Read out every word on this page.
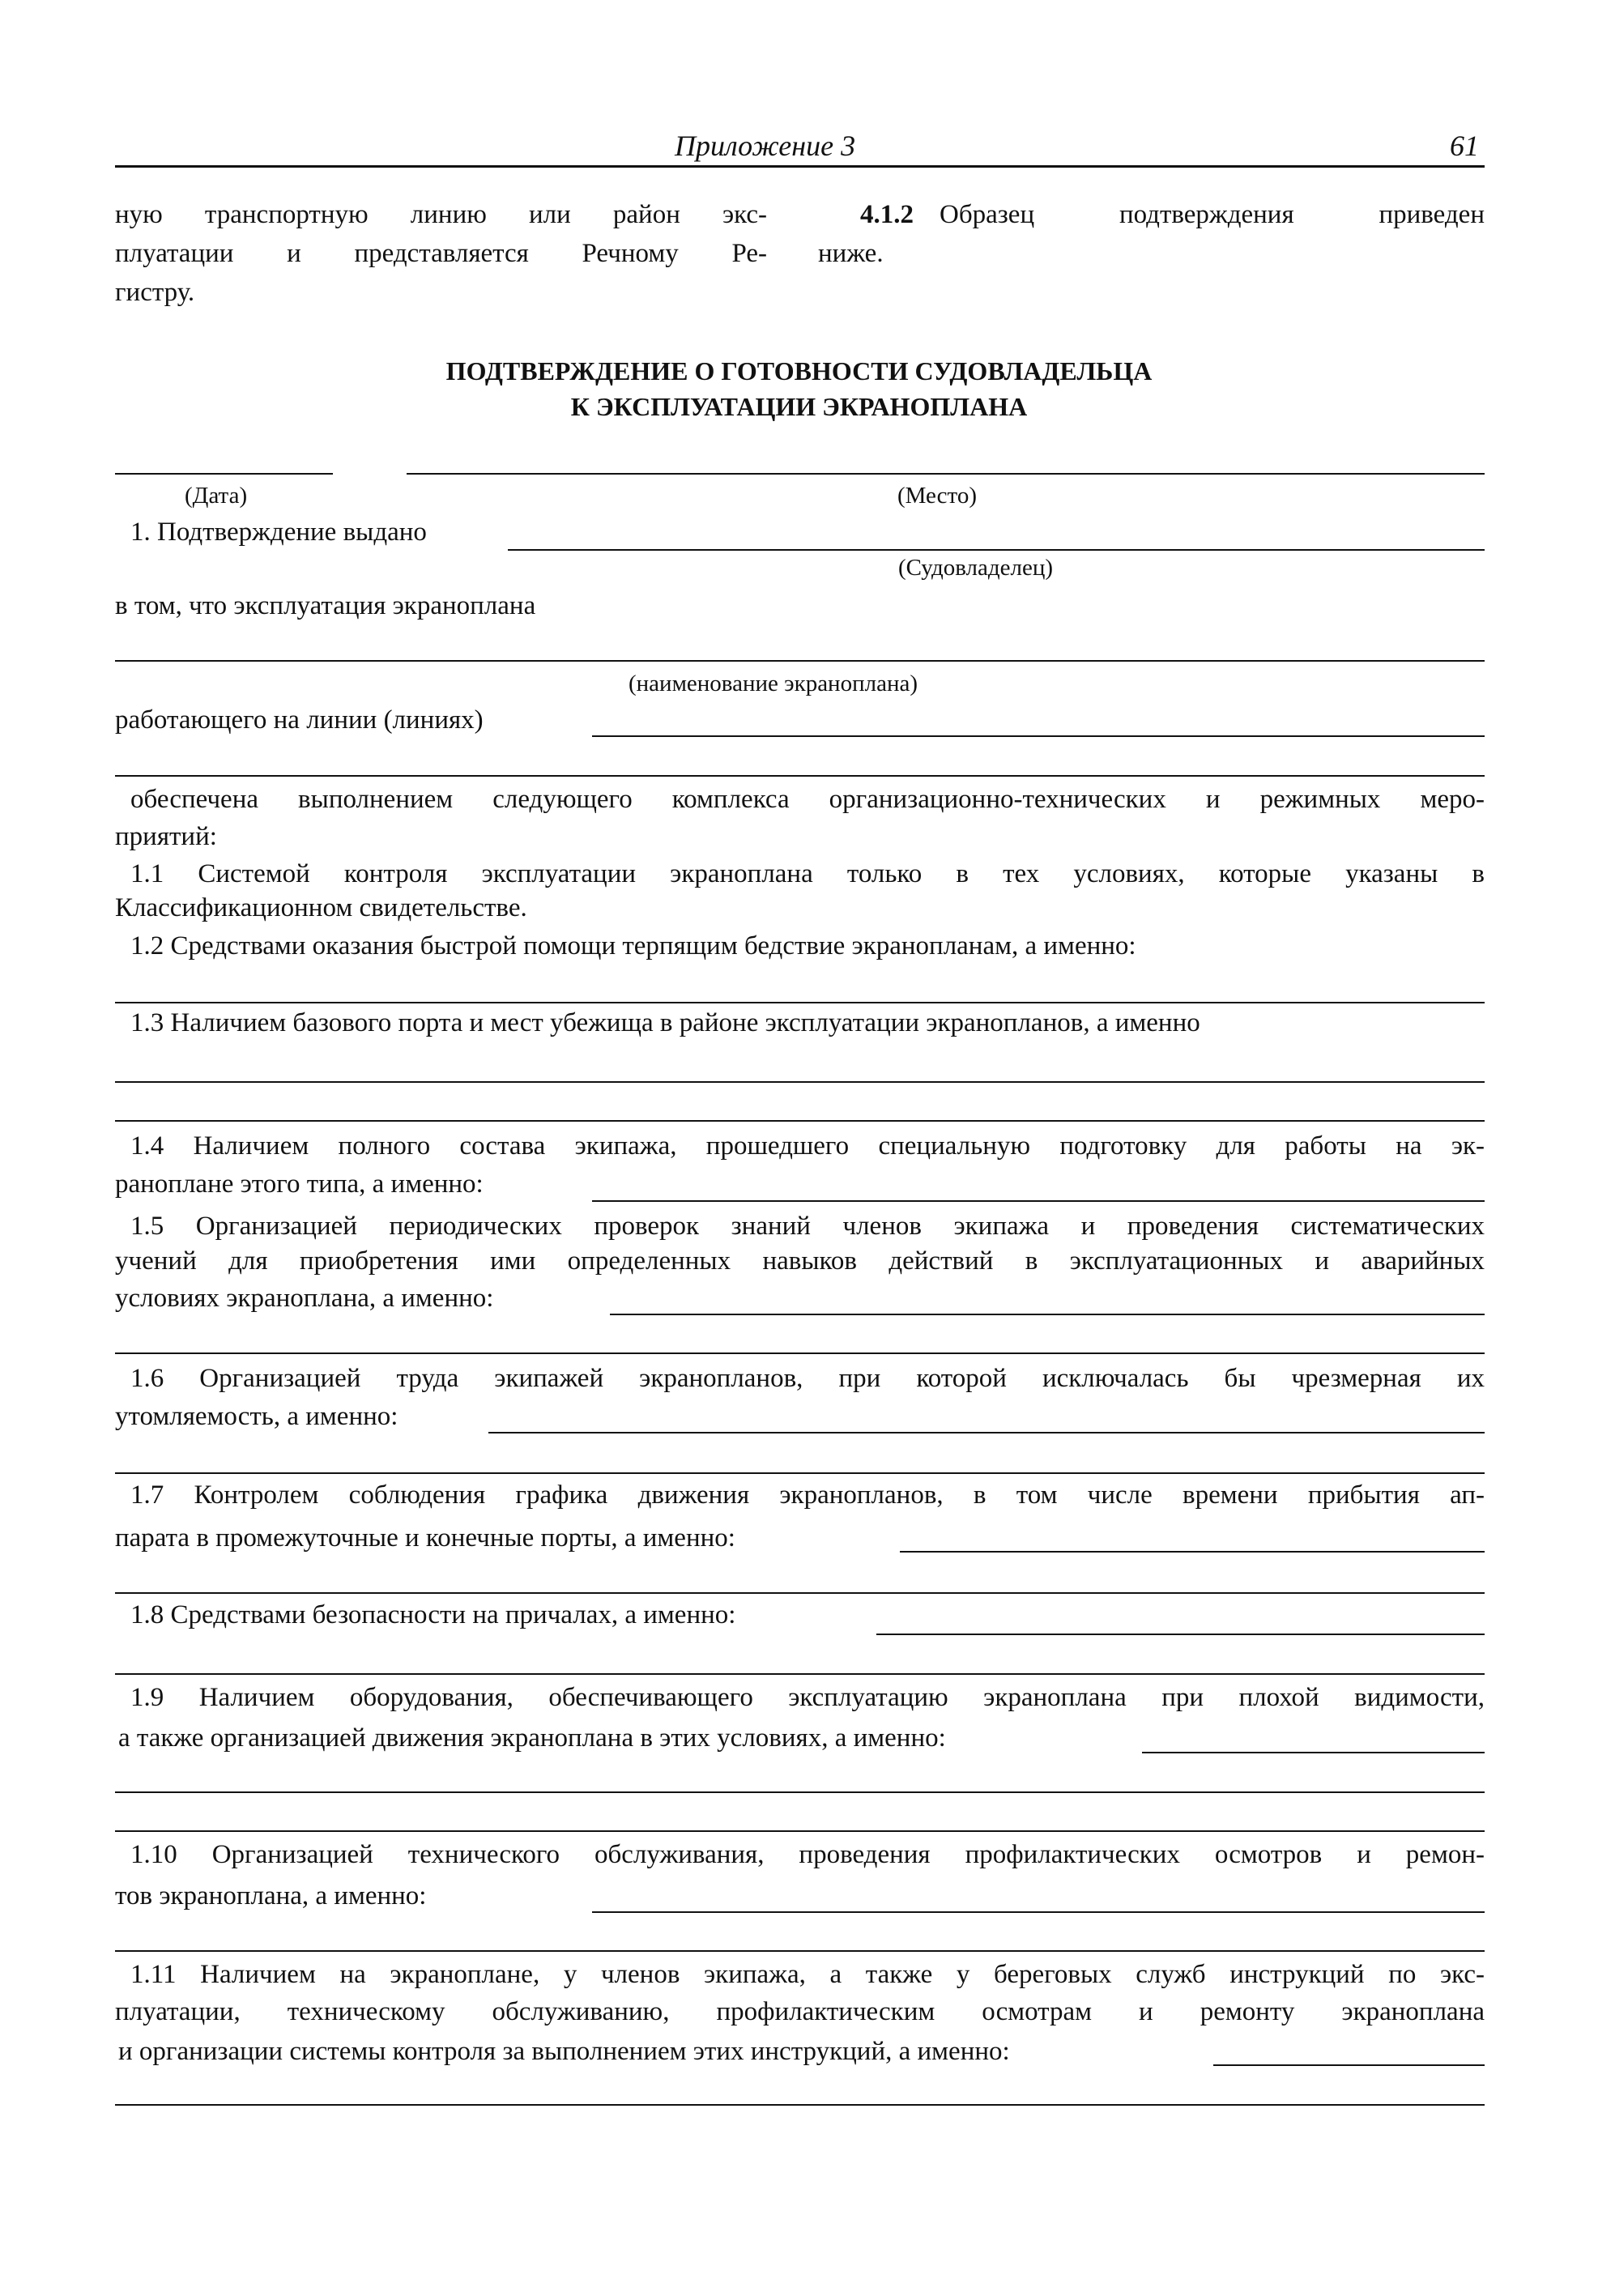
Приложение 3	61
ную транспортную линию или район экс-
плуатации и представляется Речному Ре-
гистру.
4.1.2 Образец подтверждения приведен
ниже.
ПОДТВЕРЖДЕНИЕ О ГОТОВНОСТИ СУДОВЛАДЕЛЬЦА
К ЭКСПЛУАТАЦИИ ЭКРАНОПЛАНА
(Дата)	(Место)
1. Подтверждение выдано
(Судовладелец)
в том, что эксплуатация экраноплана
(наименование экраноплана)
работающего на линии (линиях)
обеспечена выполнением следующего комплекса организационно-технических и режимных меро-
приятий:
1.1 Системой контроля эксплуатации экраноплана только в тех условиях, которые указаны в
Классификационном свидетельстве.
1.2 Средствами оказания быстрой помощи терпящим бедствие экранопланам, а именно:
1.3 Наличием базового порта и мест убежища в районе эксплуатации экранопланов, а именно
1.4 Наличием полного состава экипажа, прошедшего специальную подготовку для работы на эк-
раноплане этого типа, а именно:
1.5 Организацией периодических проверок знаний членов экипажа и проведения систематических
учений для приобретения ими определенных навыков действий в эксплуатационных и аварийных
условиях экраноплана, а именно:
1.6 Организацией труда экипажей экранопланов, при которой исключалась бы чрезмерная их
утомляемость, а именно:
1.7 Контролем соблюдения графика движения экранопланов, в том числе времени прибытия ап-
парата в промежуточные и конечные порты, а именно:
1.8 Средствами безопасности на причалах, а именно:
1.9 Наличием оборудования, обеспечивающего эксплуатацию экраноплана при плохой видимости,
а также организацией движения экраноплана в этих условиях, а именно:
1.10 Организацией технического обслуживания, проведения профилактических осмотров и ремон-
тов экраноплана, а именно:
1.11 Наличием на экраноплане, у членов экипажа, а также у береговых служб инструкций по экс-
плуатации, техническому обслуживанию, профилактическим осмотрам и ремонту экраноплана
и организации системы контроля за выполнением этих инструкций, а именно:
